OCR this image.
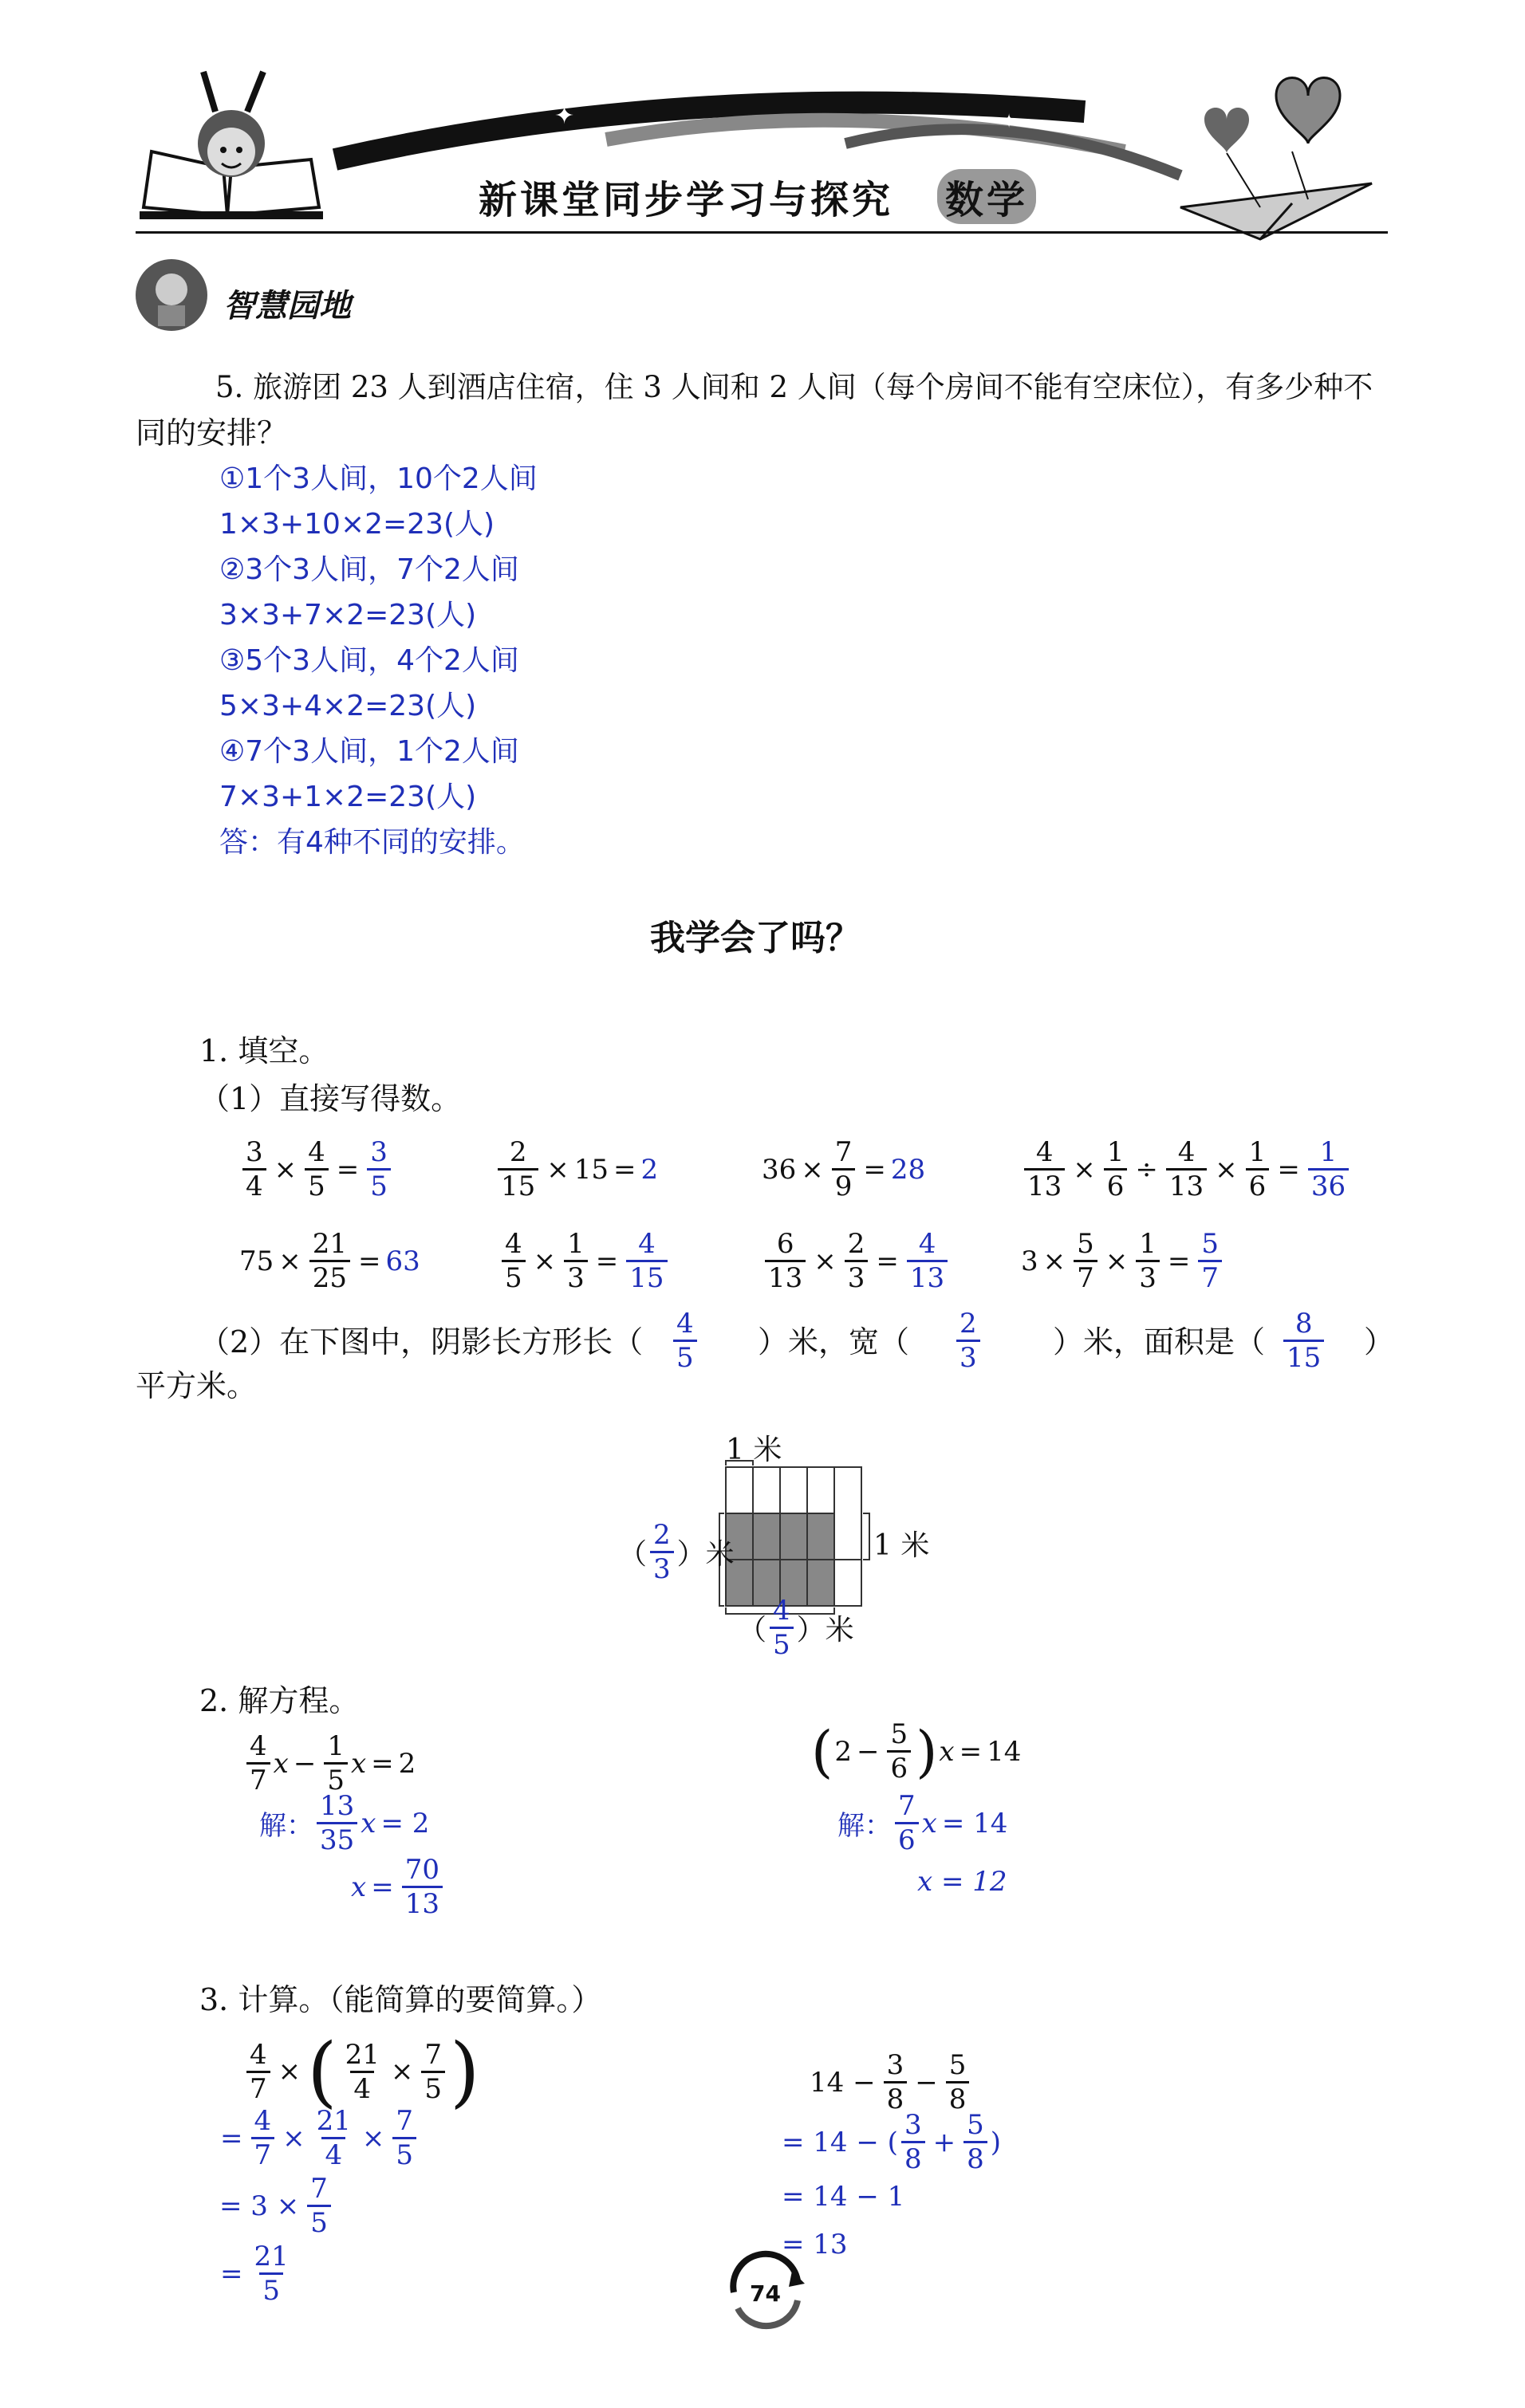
✦	✦
新课堂同步学习与探究 数学
智慧园地
5. 旅游团 23 人到酒店住宿，住 3 人间和 2 人间（每个房间不能有空床位），有多少种不
同的安排？
①1个3人间，10个2人间
1×3+10×2=23(人)
②3个3人间，7个2人间
3×3+7×2=23(人)
③5个3人间，4个2人间
5×3+4×2=23(人)
④7个3人间，1个2人间
7×3+1×2=23(人)
答：有4种不同的安排。
我学会了吗？
1. 填空。
（1）直接写得数。
$\frac{3}{4} \times \frac{4}{5} = \frac{3}{5}$	$\frac{2}{15} \times 15 = 2$	$36 \times \frac{7}{9} = 28$	$\frac{4}{13} \times \frac{1}{6} \div \frac{4}{13} \times \frac{1}{6} = \frac{1}{36}$
$75 \times \frac{21}{25} = 63$	$\frac{4}{5} \times \frac{1}{3} = \frac{4}{15}$	$\frac{6}{13} \times \frac{2}{3} = \frac{4}{13}$	$3 \times \frac{5}{7} \times \frac{1}{3} = \frac{5}{7}$
（2）在下图中，阴影长方形长（ $\frac{4}{5}$ ）米，宽（ $\frac{2}{3}$ ）米，面积是（ $\frac{8}{15}$ ）
平方米。
1 米
1 米
（ $\frac{2}{3}$ ）米
（ $\frac{4}{5}$ ）米
2. 解方程。
$\frac{4}{7}$ $x - \frac{1}{5}$ x = 2
解： $\frac{13}{35}$ x = 2
$x = \frac{70}{13}$
( $2 - \frac{5}{6}$ ) x = 14
解： $\frac{7}{6}$ x = 14
x = 12
3. 计算。（能简算的要简算。）
$\frac{4}{7}$ × ( $\frac{21}{4} \times \frac{7}{5}$ )
= $\frac{4}{7} \times \frac{21}{4} \times \frac{7}{5}$
= $3 \times \frac{7}{5}$
= $\frac{21}{5}$
$14 - \frac{3}{8} - \frac{5}{8}$
= 14 − ( $\frac{3}{8} + \frac{5}{8}$ )
= 14 − 1
= 13
74
